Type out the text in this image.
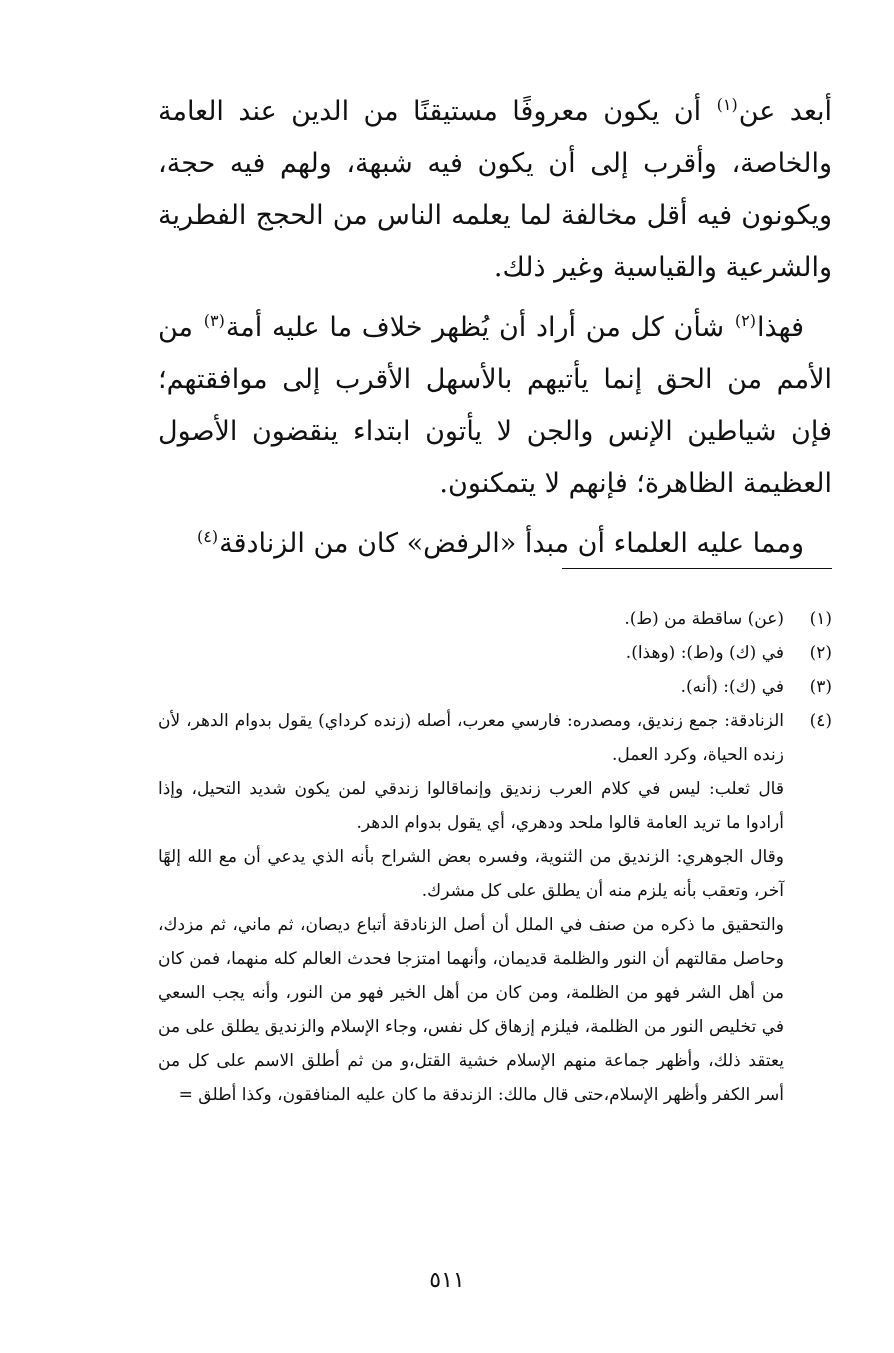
أبعد عن$^{(١)}$ أن يكون معروفًا مستيقنًا من الدين عند العامة والخاصة، وأقرب إلى أن يكون فيه شبهة، ولهم فيه حجة، ويكونون فيه أقل مخالفة لما يعلمه الناس من الحجج الفطرية والشرعية والقياسية وغير ذلك.

فهذا$^{(٢)}$ شأن كل من أراد أن يُظهر خلاف ما عليه أمة$^{(٣)}$ من الأمم من الحق إنما يأتيهم بالأسهل الأقرب إلى موافقتهم؛ فإن شياطين الإنس والجن لا يأتون ابتداء ينقضون الأصول العظيمة الظاهرة؛ فإنهم لا يتمكنون.

ومما عليه العلماء أن مبدأ «الرفض» كان من الزنادقة$^{(٤)}$

(١)

(عن) ساقطة من (ط).

(٢)

في (ك) و(ط): (وهذا).

(٣)

في (ك): (أنه).

(٤)

الزنادقة: جمع زنديق، ومصدره: فارسي معرب، أصله (زنده كرداي) يقول بدوام الدهر، لأن زنده الحياة، وكرد العمل.

قال ثعلب: ليس في كلام العرب زنديق وإنماقالوا زندقي لمن يكون شديد التحيل، وإذا أرادوا ما تريد العامة قالوا ملحد ودهري، أي يقول بدوام الدهر.

وقال الجوهري: الزنديق من الثنوية، وفسره بعض الشراح بأنه الذي يدعي أن مع الله إلهًا آخر، وتعقب بأنه يلزم منه أن يطلق على كل مشرك.

والتحقيق ما ذكره من صنف في الملل أن أصل الزنادقة أتباع ديصان، ثم ماني، ثم مزدك، وحاصل مقالتهم أن النور والظلمة قديمان، وأنهما امتزجا فحدث العالم كله منهما، فمن كان من أهل الشر فهو من الظلمة، ومن كان من أهل الخير فهو من النور، وأنه يجب السعي في تخليص النور من الظلمة، فيلزم إزهاق كل نفس، وجاء الإسلام والزنديق يطلق على من يعتقد ذلك، وأظهر جماعة منهم الإسلام خشية القتل،و من ثم أطلق الاسم على كل من أسر الكفر وأظهر الإسلام،حتى قال مالك: الزندقة ما كان عليه المنافقون، وكذا أطلق =

٥١١
